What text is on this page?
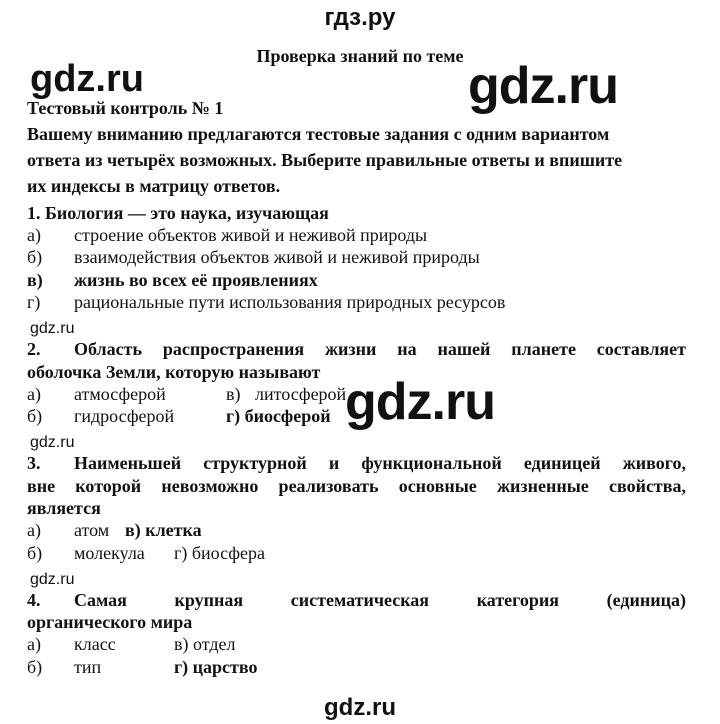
гдз.ру
Проверка знаний по теме
gdz.ru	gdz.ru
gdz.ru
Тестовый контроль № 1
Вашему вниманию предлагаются тестовые задания с одним вариантом
ответа из четырёх возможных. Выберите правильные ответы и впишите
их индексы в матрицу ответов.
1. Биология — это наука, изучающая
а) строение объектов живой и неживой природы
б) взаимодействия объектов живой и неживой природы
в) жизнь во всех её проявлениях
г) рациональные пути использования природных ресурсов
gdz.ru
2. Область распространения жизни на нашей планете составляет
оболочка Земли, которую называют
а) атмосферой	в) литосферой
б) гидросферой	г) биосферой
gdz.ru
3. Наименьшей структурной и функциональной единицей живого,
вне которой невозможно реализовать основные жизненные свойства,
является
а) атом в) клетка
б) молекула г) биосфера
gdz.ru
4. Самая крупная систематическая категория (единица)
органического мира
а) класс	в) отдел
б) тип	г) царство
gdz.ru
